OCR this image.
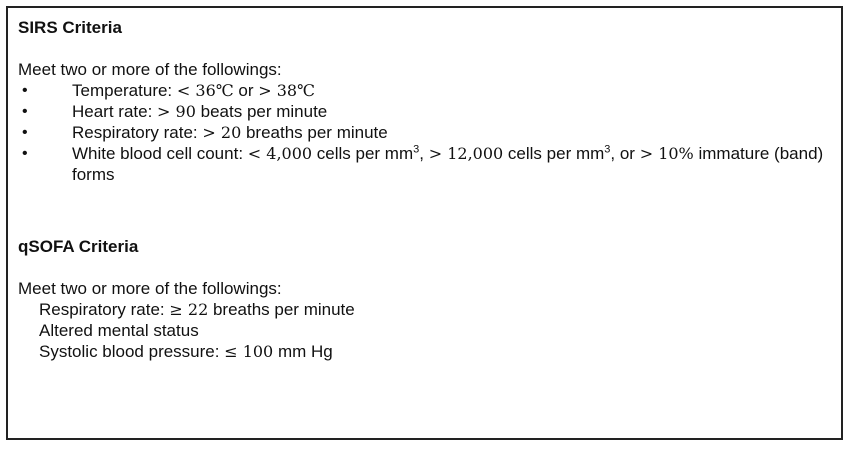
SIRS Criteria
Meet two or more of the followings:
•	Temperature: < 36℃ or > 38℃
•	Heart rate: > 90 beats per minute
•	Respiratory rate: > 20 breaths per minute
•	White blood cell count: < 4,000 cells per $mm^3$, > 12,000 cells per $mm^3$, or > 10% immature (band) forms
qSOFA Criteria
Meet two or more of the followings:
Respiratory rate: ≥ 22 breaths per minute
Altered mental status
Systolic blood pressure: ≤ 100 mm Hg
